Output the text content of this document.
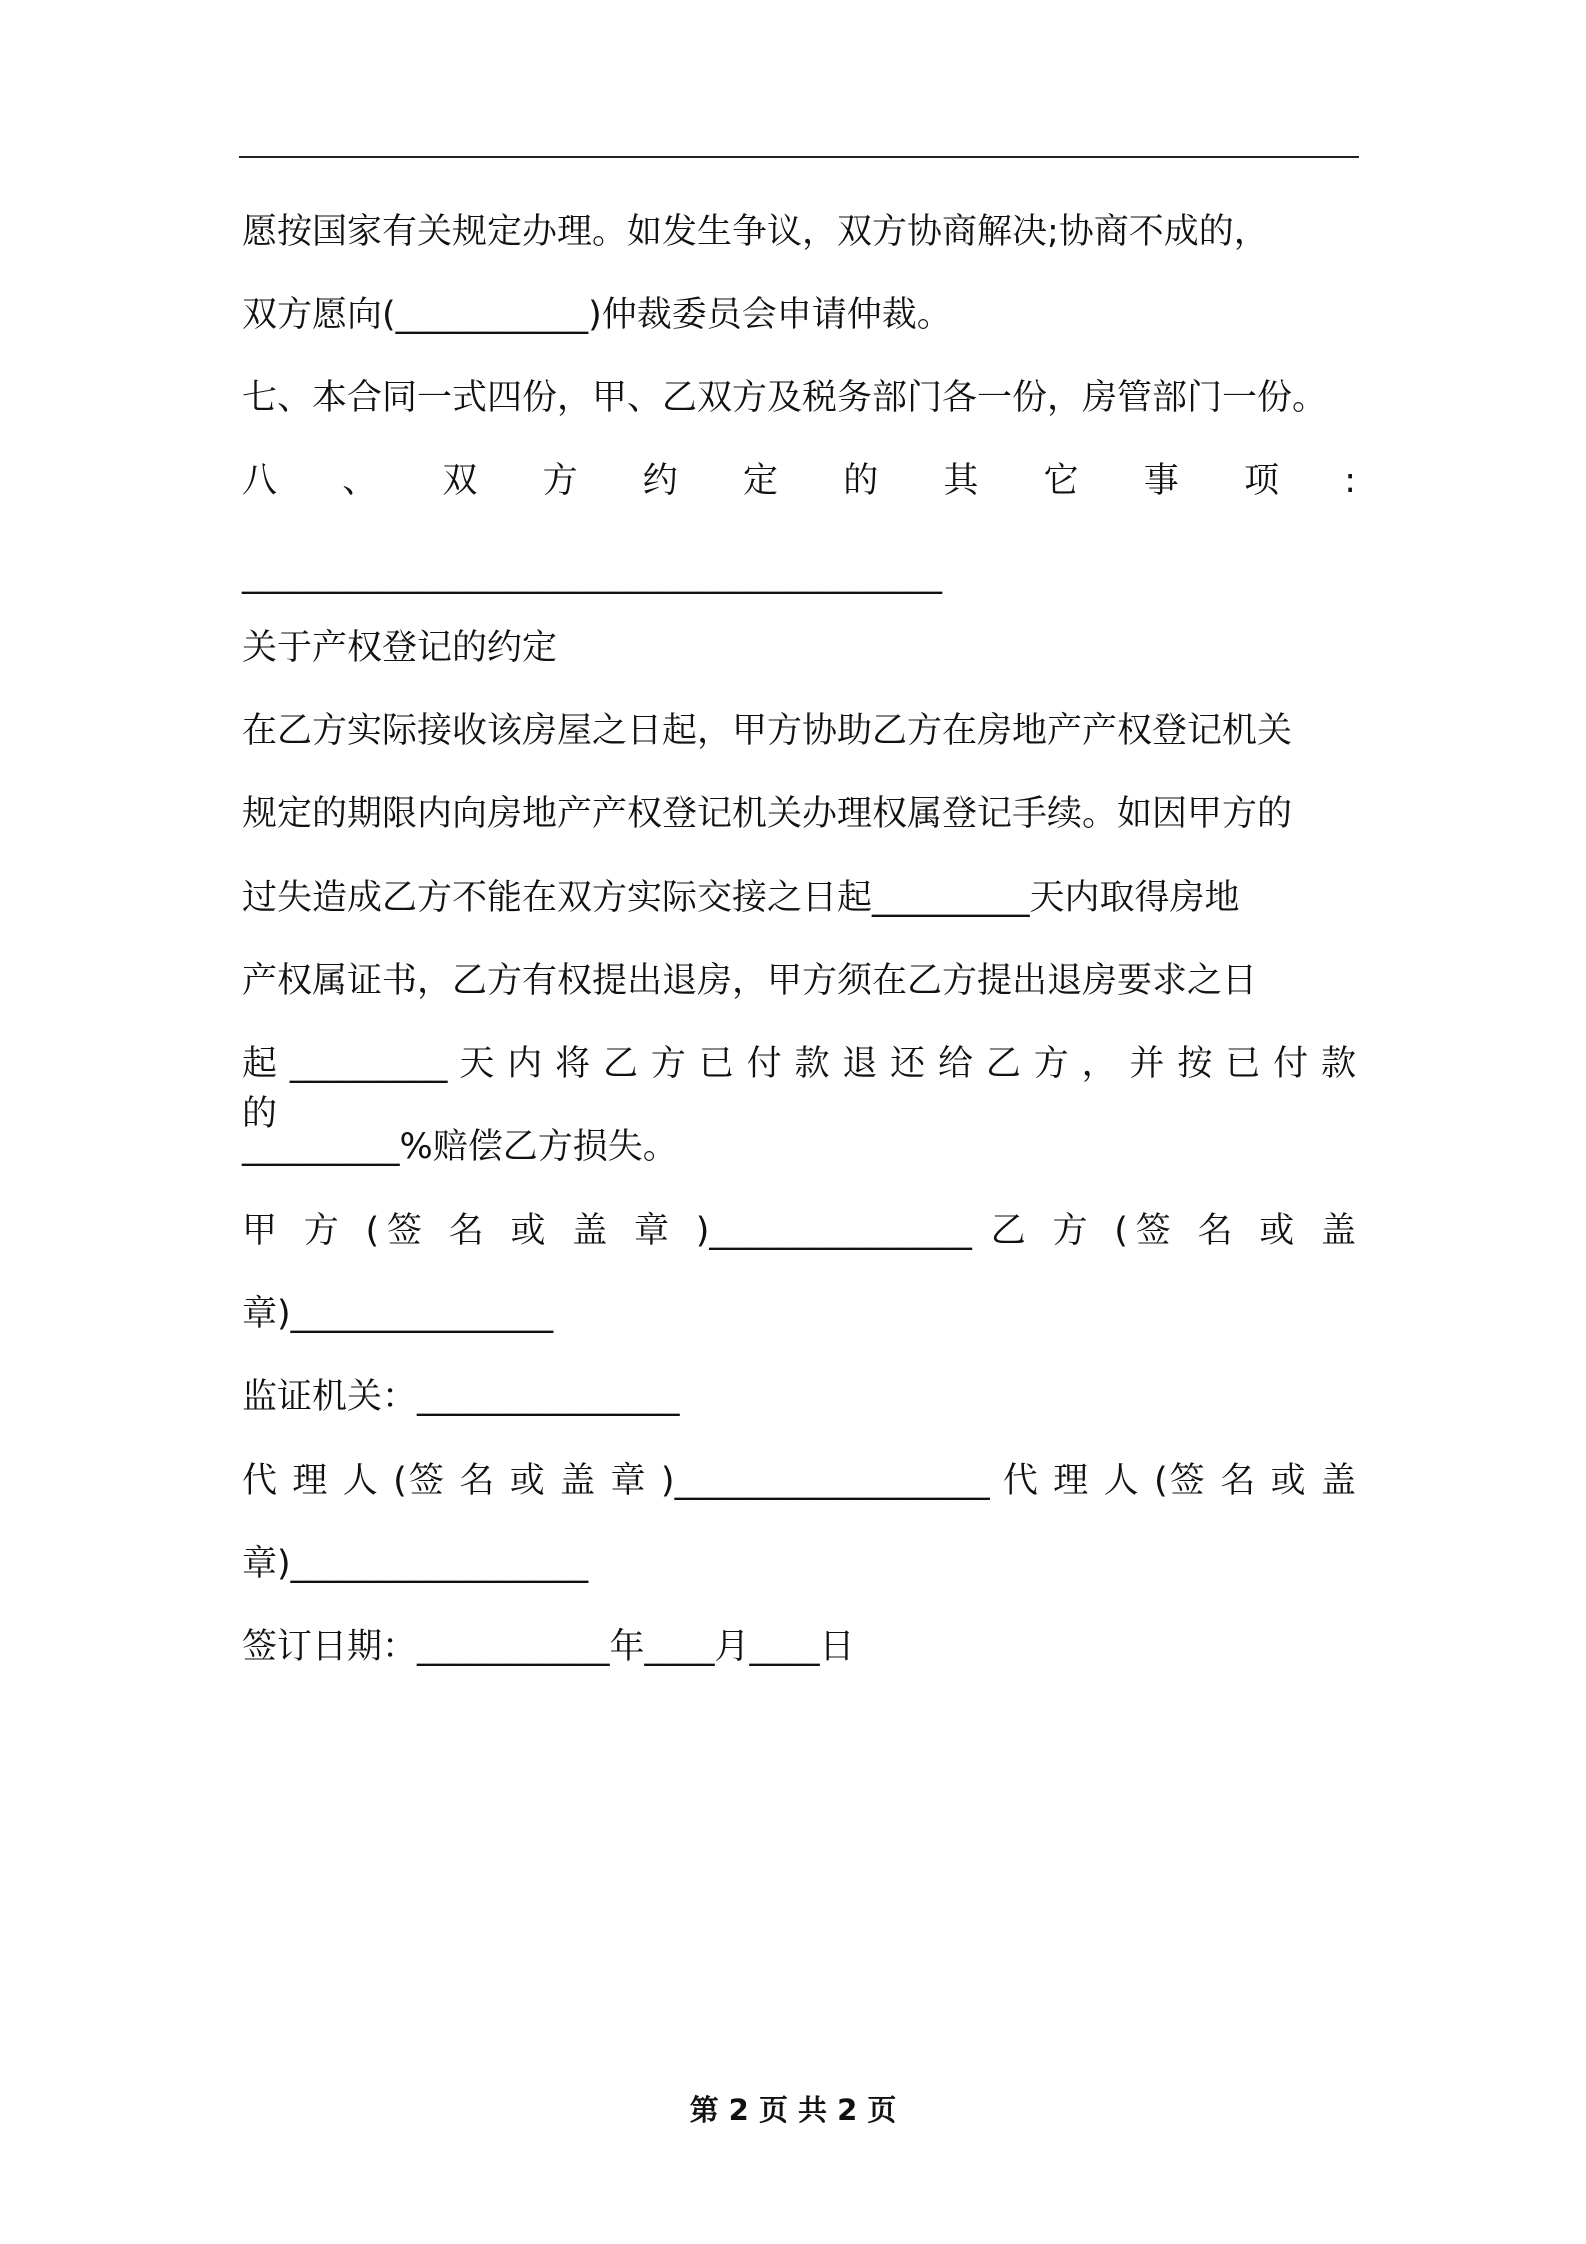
愿按国家有关规定办理。如发生争议，双方协商解决;协商不成的，
双方愿向(___________)仲裁委员会申请仲裁。
七、本合同一式四份，甲、乙双方及税务部门各一份，房管部门一份。
八 、 双 方 约 定 的 其 它 事 项 :
________________________________________
关于产权登记的约定
在乙方实际接收该房屋之日起，甲方协助乙方在房地产产权登记机关
规定的期限内向房地产产权登记机关办理权属登记手续。如因甲方的
过失造成乙方不能在双方实际交接之日起_________天内取得房地
产权属证书，乙方有权提出退房，甲方须在乙方提出退房要求之日
起 _________ 天 内 将 乙 方 已 付 款 退 还 给 乙 方 ， 并 按 已 付 款 的
_________%赔偿乙方损失。
甲 方 (签 名 或 盖 章 )_______________ 乙 方 (签 名 或 盖
章)_______________
监证机关：_______________
代 理 人 (签 名 或 盖 章 )__________________ 代 理 人 (签 名 或 盖
章)_________________
签订日期：___________年____月____日
第 2 页 共 2 页
